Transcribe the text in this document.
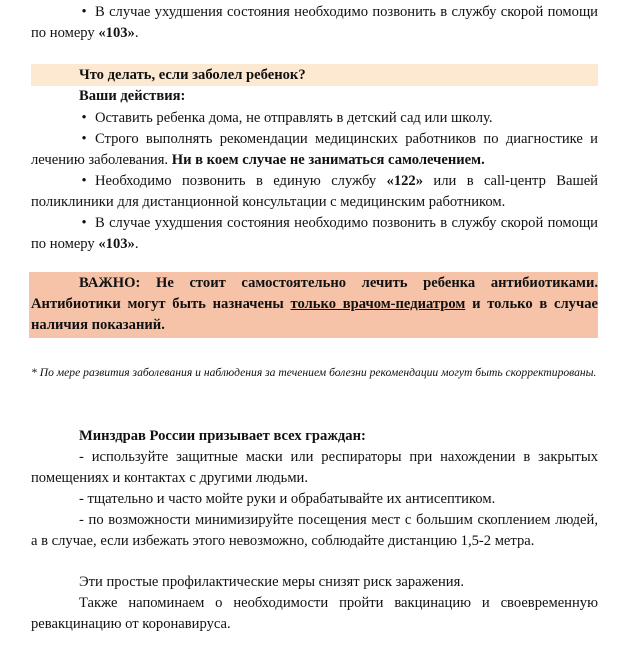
• В случае ухудшения состояния необходимо позвонить в службу скорой помощи по номеру «103».
Что делать, если заболел ребенок?
Ваши действия:
• Оставить ребенка дома, не отправлять в детский сад или школу.
• Строго выполнять рекомендации медицинских работников по диагностике и лечению заболевания. Ни в коем случае не заниматься самолечением.
• Необходимо позвонить в единую службу «122» или в call-центр Вашей поликлиники для дистанционной консультации с медицинским работником.
• В случае ухудшения состояния необходимо позвонить в службу скорой помощи по номеру «103».
ВАЖНО: Не стоит самостоятельно лечить ребенка антибиотиками. Антибиотики могут быть назначены только врачом-педиатром и только в случае наличия показаний.
* По мере развития заболевания и наблюдения за течением болезни рекомендации могут быть скорректированы.
Минздрав России призывает всех граждан:
- используйте защитные маски или респираторы при нахождении в закрытых помещениях и контактах с другими людьми.
- тщательно и часто мойте руки и обрабатывайте их антисептиком.
- по возможности минимизируйте посещения мест с большим скоплением людей, а в случае, если избежать этого невозможно, соблюдайте дистанцию 1,5-2 метра.
Эти простые профилактические меры снизят риск заражения.
Также напоминаем о необходимости пройти вакцинацию и своевременную ревакцинацию от коронавируса.
